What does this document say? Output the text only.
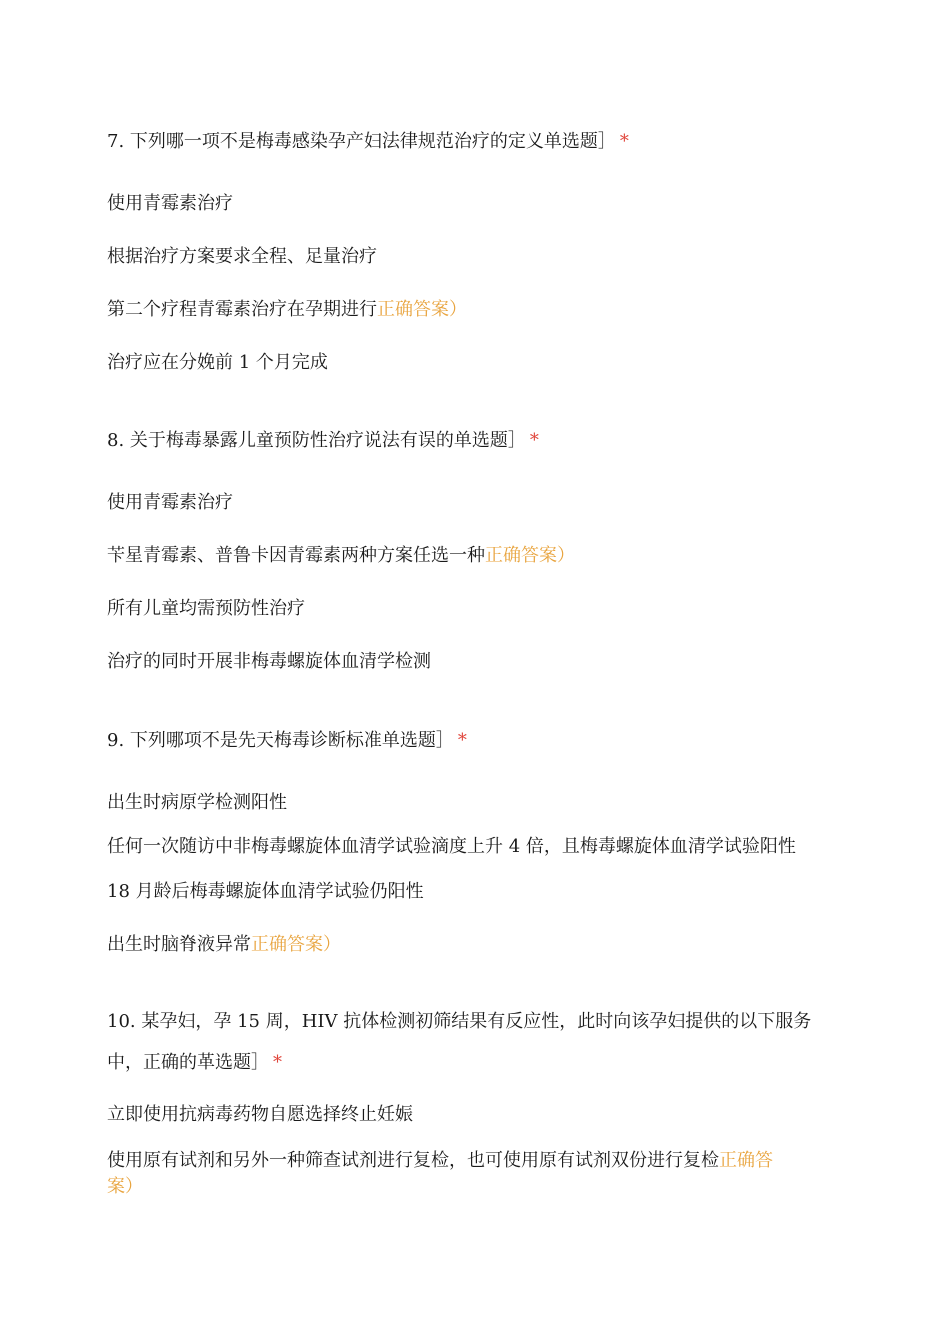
7. 下列哪一项不是梅毒感染孕产妇法律规范治疗的定义单选题］ *
使用青霉素治疗
根据治疗方案要求全程、足量治疗
第二个疗程青霉素治疗在孕期进行正确答案）
治疗应在分娩前 1 个月完成
8. 关于梅毒暴露儿童预防性治疗说法有误的单选题］ *
使用青霉素治疗
苄星青霉素、普鲁卡因青霉素两种方案任选一种正确答案）
所有儿童均需预防性治疗
治疗的同时开展非梅毒螺旋体血清学检测
9. 下列哪项不是先天梅毒诊断标准单选题］ *
出生时病原学检测阳性
任何一次随访中非梅毒螺旋体血清学试验滴度上升 4 倍，且梅毒螺旋体血清学试验阳性
18 月龄后梅毒螺旋体血清学试验仍阳性
出生时脑脊液异常正确答案）
10. 某孕妇，孕 15 周，HIV 抗体检测初筛结果有反应性，此时向该孕妇提供的以下服务
中，正确的革选题］ *
立即使用抗病毒药物自愿选择终止妊娠
使用原有试剂和另外一种筛查试剂进行复检，也可使用原有试剂双份进行复检正确答案）
